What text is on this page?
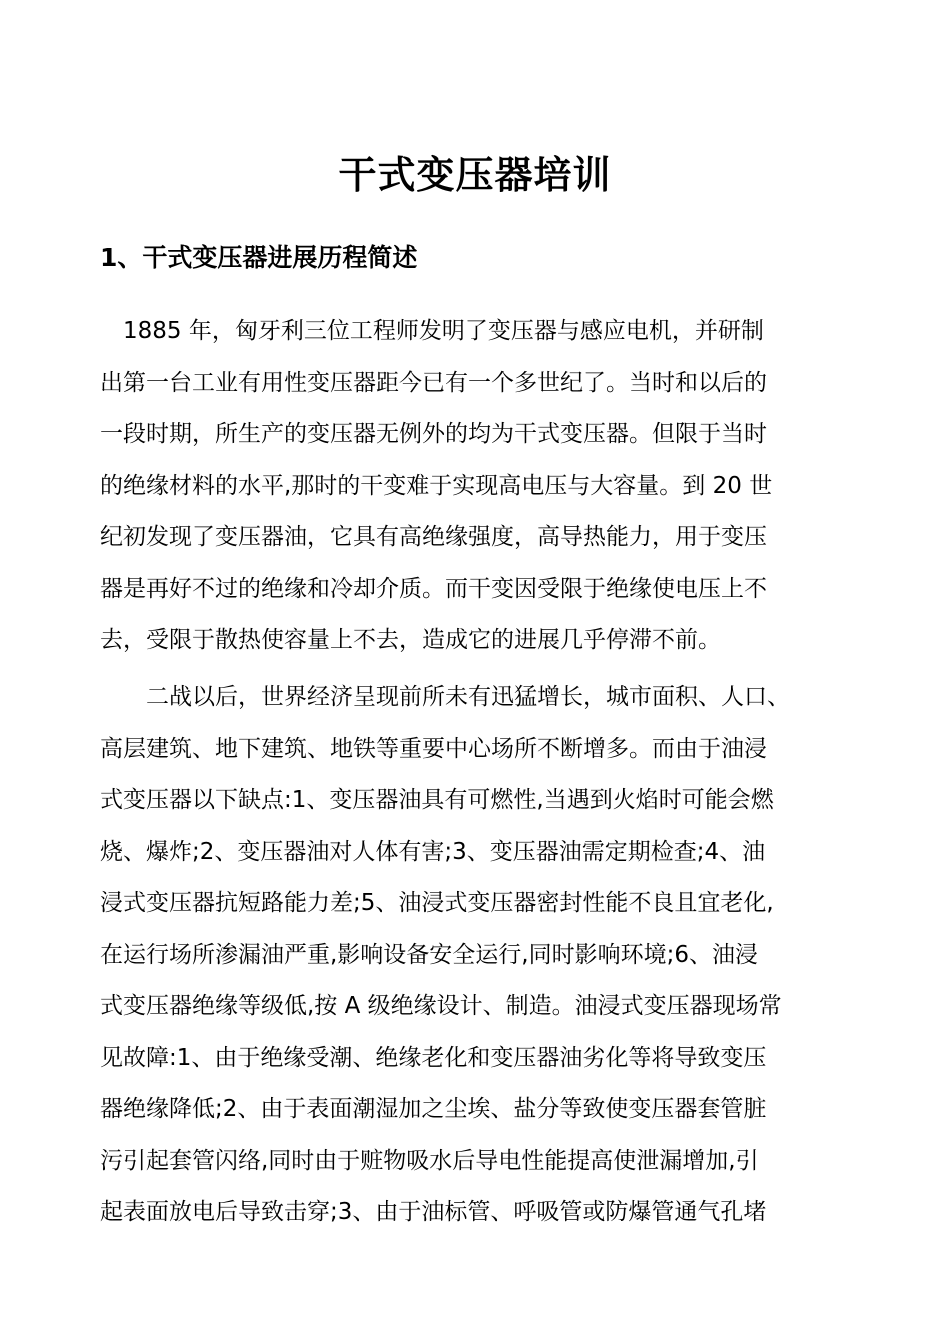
干式变压器培训
1、干式变压器进展历程简述
　1885 年，匈牙利三位工程师发明了变压器与感应电机，并研制
出第一台工业有用性变压器距今已有一个多世纪了。当时和以后的
一段时期，所生产的变压器无例外的均为干式变压器。但限于当时
的绝缘材料的水平,那时的干变难于实现高电压与大容量。到 20 世
纪初发现了变压器油，它具有高绝缘强度，高导热能力，用于变压
器是再好不过的绝缘和冷却介质。而干变因受限于绝缘使电压上不
去，受限于散热使容量上不去，造成它的进展几乎停滞不前。
　　二战以后，世界经济呈现前所未有迅猛增长，城市面积、人口、
高层建筑、地下建筑、地铁等重要中心场所不断增多。而由于油浸
式变压器以下缺点:1、变压器油具有可燃性,当遇到火焰时可能会燃
烧、爆炸;2、变压器油对人体有害;3、变压器油需定期检查;4、油
浸式变压器抗短路能力差;5、油浸式变压器密封性能不良且宜老化,
在运行场所渗漏油严重,影响设备安全运行,同时影响环境;6、油浸
式变压器绝缘等级低,按 A 级绝缘设计、制造。油浸式变压器现场常
见故障:1、由于绝缘受潮、绝缘老化和变压器油劣化等将导致变压
器绝缘降低;2、由于表面潮湿加之尘埃、盐分等致使变压器套管脏
污引起套管闪络,同时由于赃物吸水后导电性能提高使泄漏增加,引
起表面放电后导致击穿;3、由于油标管、呼吸管或防爆管通气孔堵
